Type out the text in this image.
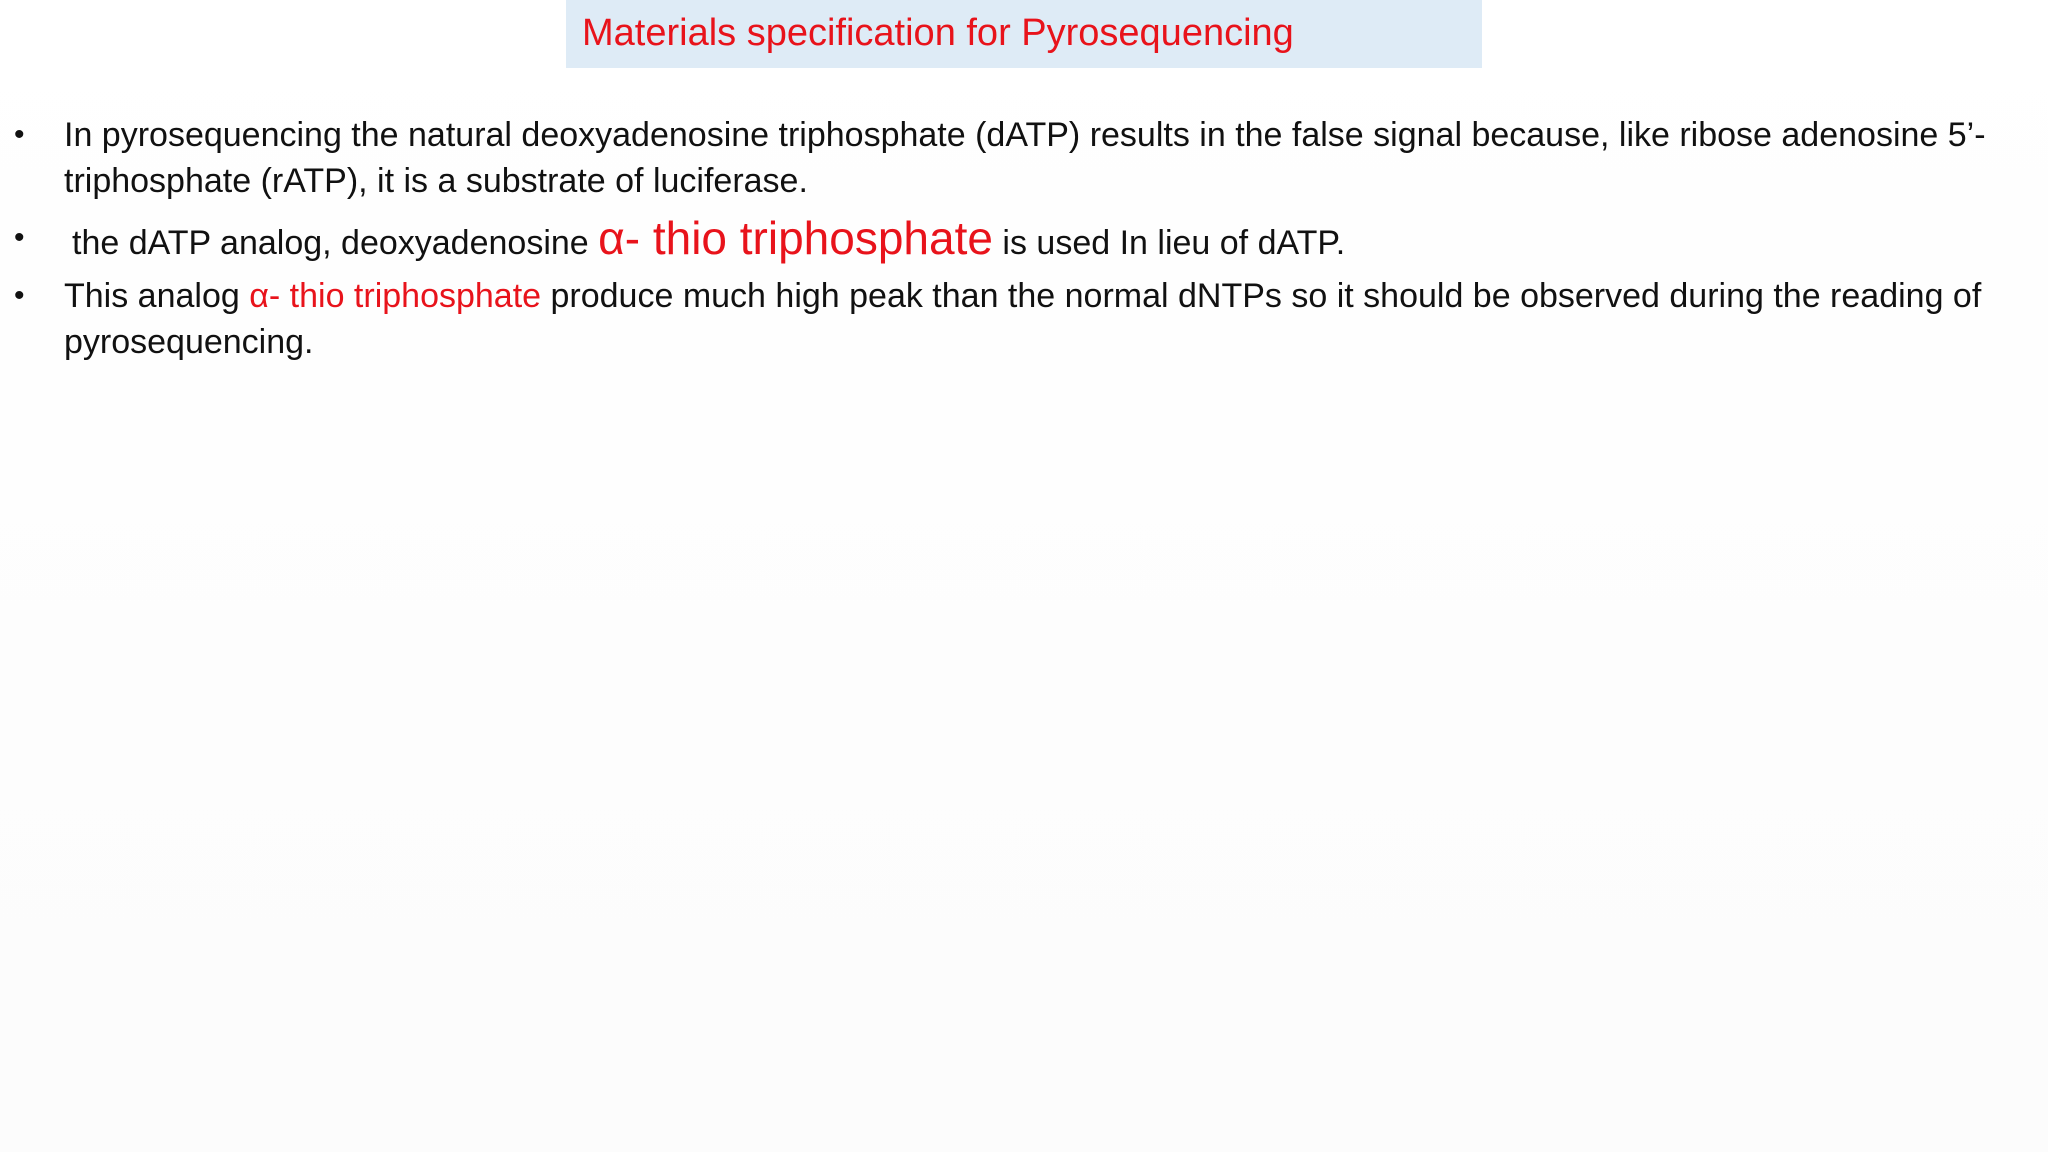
Materials specification for Pyrosequencing
• In pyrosequencing the natural deoxyadenosine triphosphate (dATP) results in the false signal because, like ribose adenosine 5’-triphosphate (rATP), it is a substrate of luciferase.
• the dATP analog, deoxyadenosine α- thio triphosphate is used In lieu of dATP.
• This analog α- thio triphosphate produce much high peak than the normal dNTPs so it should be observed during the reading of pyrosequencing.
